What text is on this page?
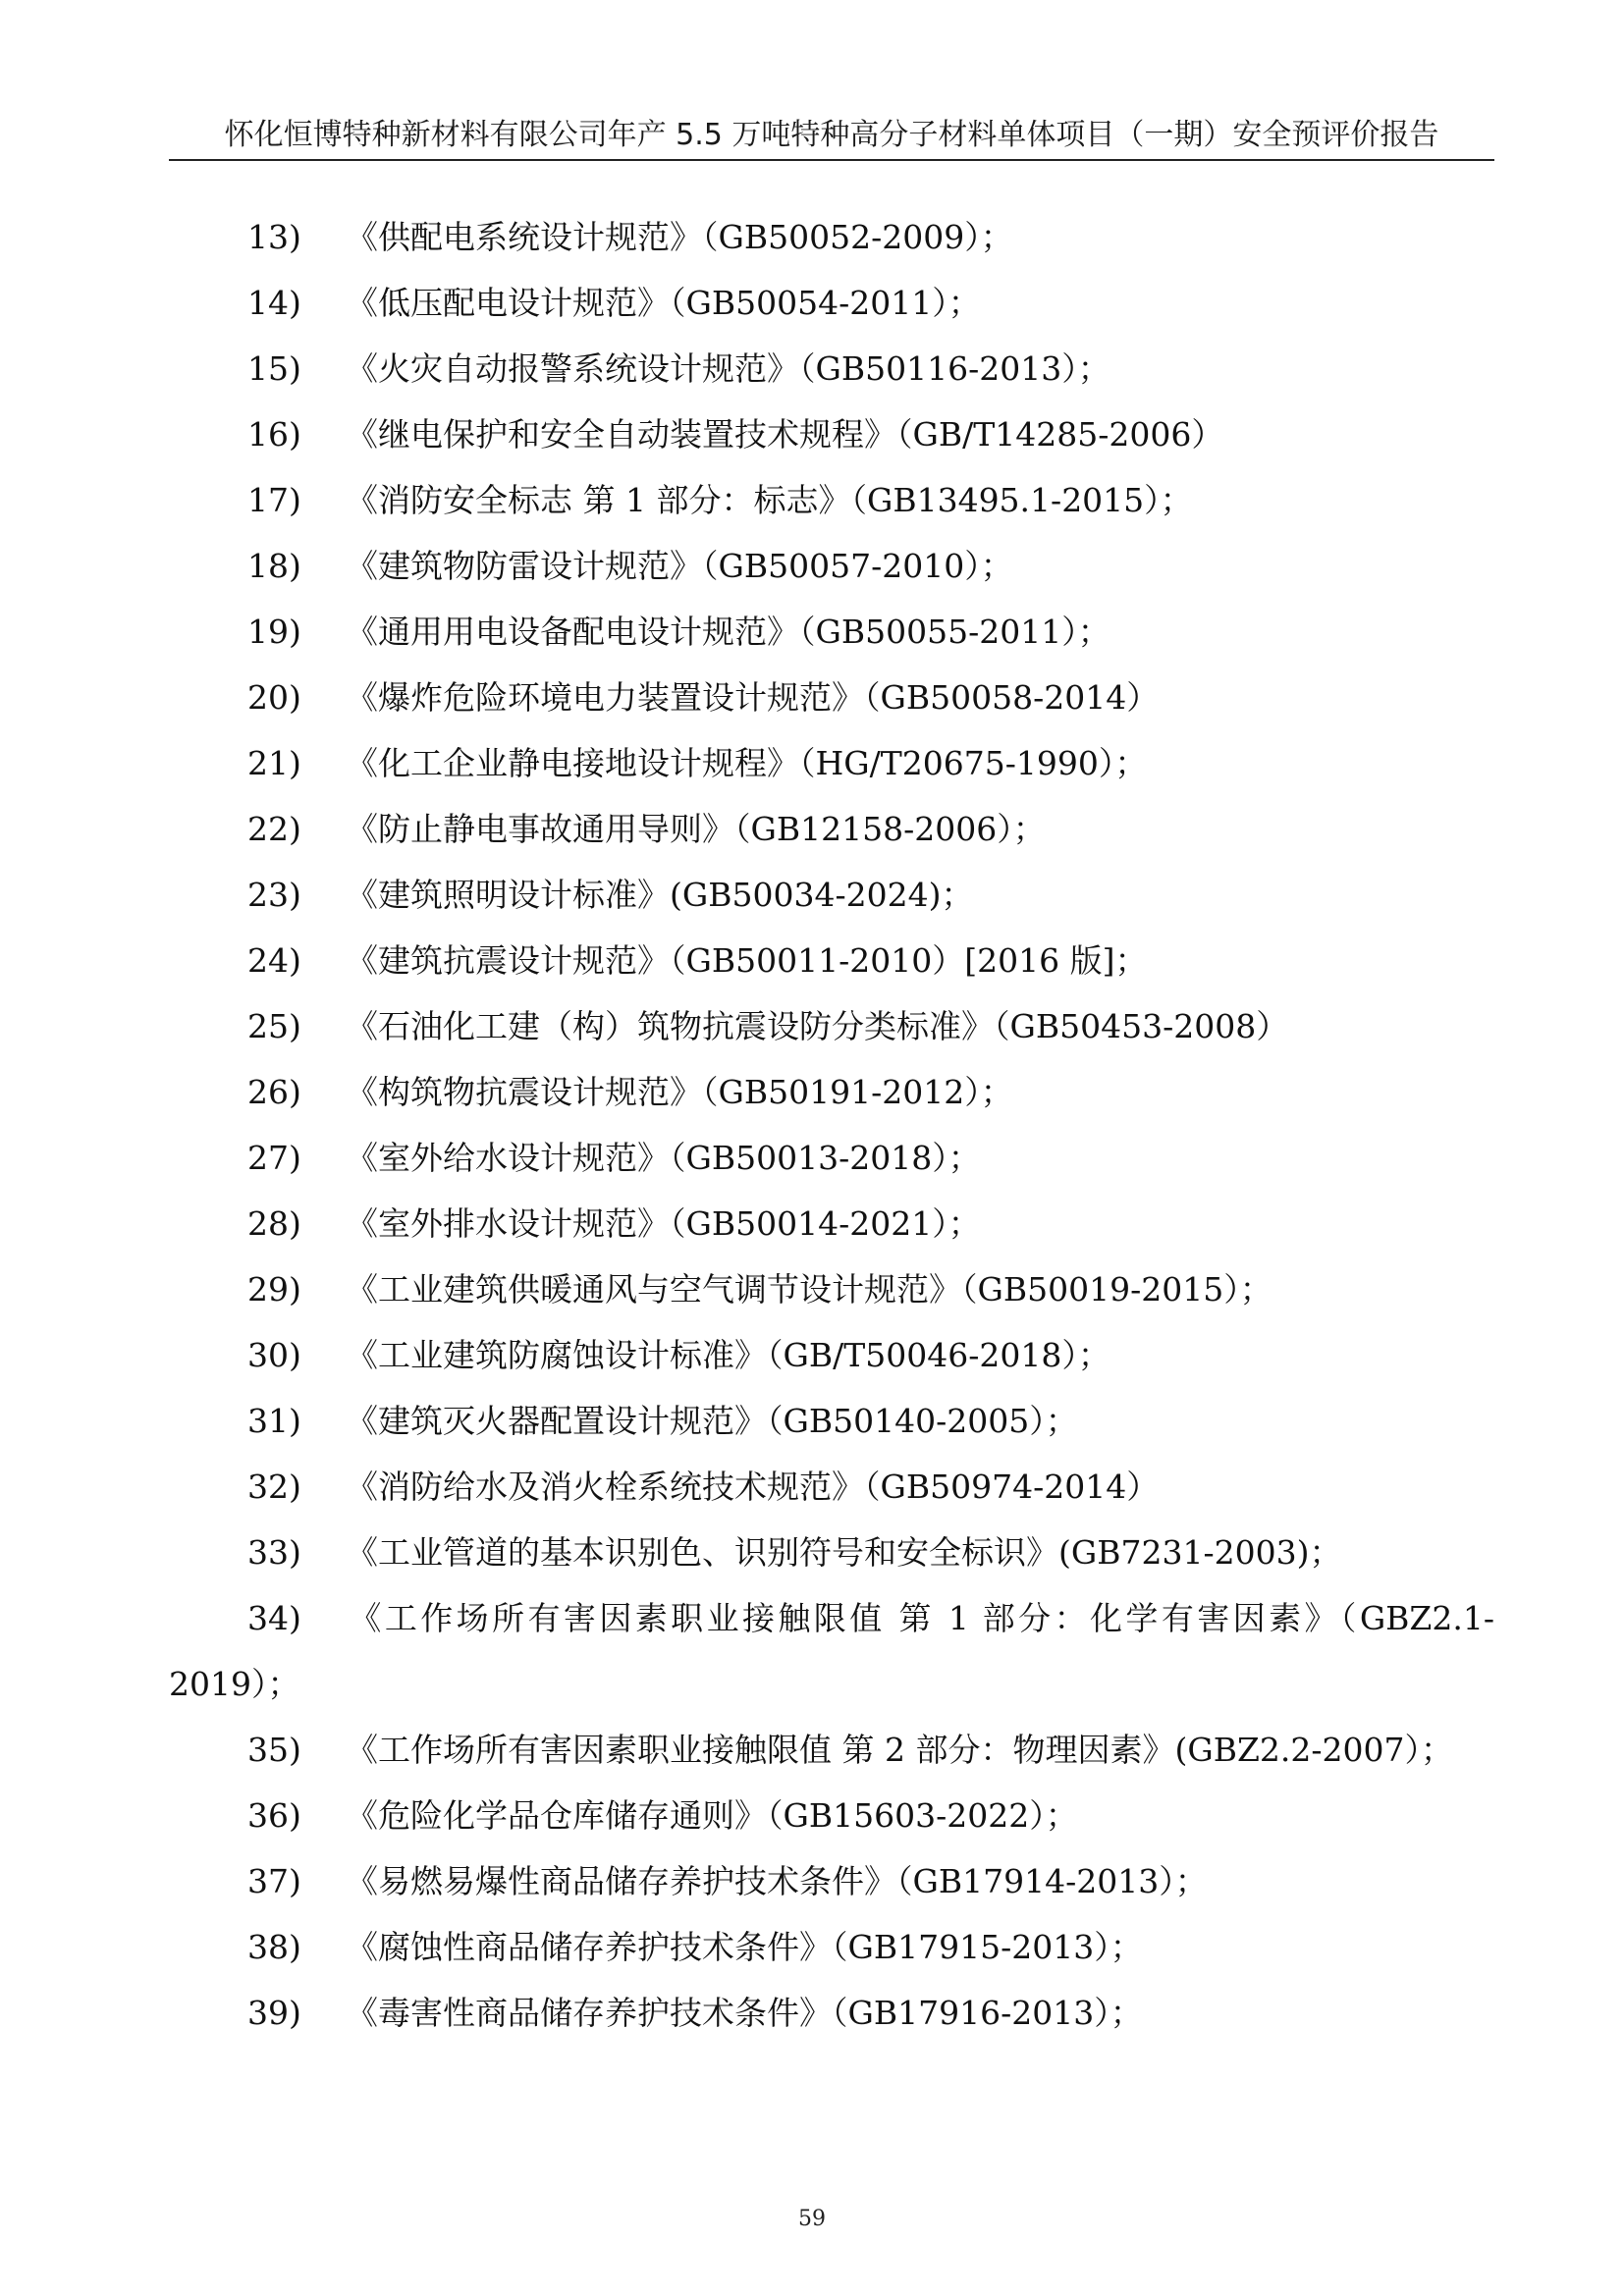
怀化恒博特种新材料有限公司年产 5.5 万吨特种高分子材料单体项目（一期）安全预评价报告
13) 《供配电系统设计规范》（GB50052-2009）；
14) 《低压配电设计规范》（GB50054-2011）；
15) 《火灾自动报警系统设计规范》（GB50116-2013）；
16) 《继电保护和安全自动装置技术规程》（GB/T14285-2006）
17) 《消防安全标志 第 1 部分：标志》（GB13495.1-2015）；
18) 《建筑物防雷设计规范》（GB50057-2010）；
19) 《通用用电设备配电设计规范》（GB50055-2011）；
20) 《爆炸危险环境电力装置设计规范》（GB50058-2014）
21) 《化工企业静电接地设计规程》（HG/T20675-1990）；
22) 《防止静电事故通用导则》（GB12158-2006）；
23) 《建筑照明设计标准》(GB50034-2024)；
24) 《建筑抗震设计规范》（GB50011-2010）[2016 版]；
25) 《石油化工建（构）筑物抗震设防分类标准》（GB50453-2008）
26) 《构筑物抗震设计规范》（GB50191-2012）；
27) 《室外给水设计规范》（GB50013-2018）；
28) 《室外排水设计规范》（GB50014-2021）；
29) 《工业建筑供暖通风与空气调节设计规范》（GB50019-2015）；
30) 《工业建筑防腐蚀设计标准》（GB/T50046-2018）；
31) 《建筑灭火器配置设计规范》（GB50140-2005）；
32) 《消防给水及消火栓系统技术规范》（GB50974-2014）
33) 《工业管道的基本识别色、识别符号和安全标识》(GB7231-2003)；
34) 《工作场所有害因素职业接触限值 第 1 部分：化学有害因素》（GBZ2.1-2019）；
35) 《工作场所有害因素职业接触限值 第 2 部分：物理因素》(GBZ2.2-2007）；
36) 《危险化学品仓库储存通则》（GB15603-2022）；
37) 《易燃易爆性商品储存养护技术条件》（GB17914-2013）；
38) 《腐蚀性商品储存养护技术条件》（GB17915-2013）；
39) 《毒害性商品储存养护技术条件》（GB17916-2013）；
59
